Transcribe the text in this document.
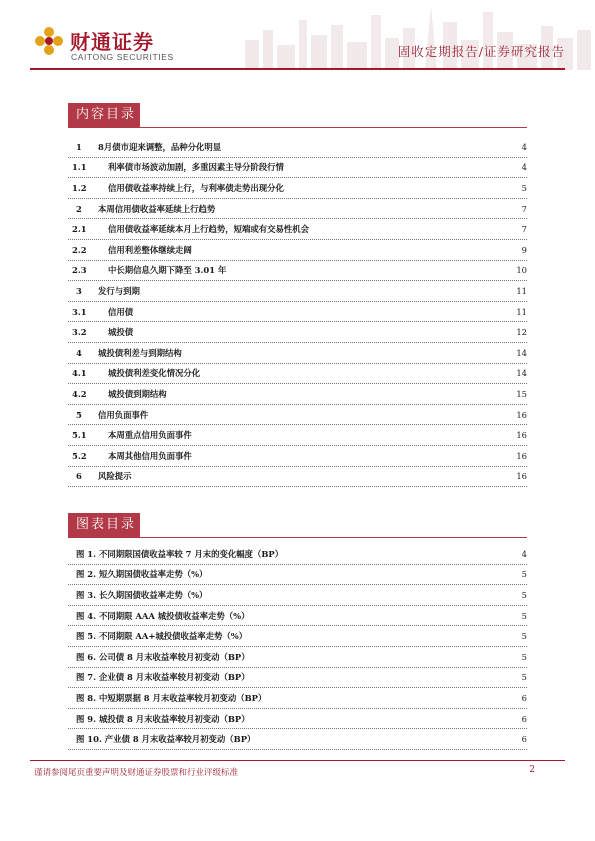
财通证券
CAITONG SECURITIES	固收定期报告/证券研究报告
内容目录
1	8月债市迎来调整，品种分化明显	4
1.1	利率债市场波动加剧，多重因素主导分阶段行情	4
1.2	信用债收益率持续上行，与利率债走势出现分化	5
2	本周信用债收益率延续上行趋势	7
2.1	信用债收益率延续本月上行趋势，短端或有交易性机会	7
2.2	信用利差整体继续走阔	9
2.3	中长期信息久期下降至 3.01 年	10
3	发行与到期	11
3.1	信用债	11
3.2	城投债	12
4	城投债利差与到期结构	14
4.1	城投债利差变化情况分化	14
4.2	城投债到期结构	15
5	信用负面事件	16
5.1	本周重点信用负面事件	16
5.2	本周其他信用负面事件	16
6	风险提示	16
图表目录
图 1. 不同期限国债收益率较 7 月末的变化幅度（BP）	4
图 2. 短久期国债收益率走势（%）	5
图 3. 长久期国债收益率走势（%）	5
图 4. 不同期限 AAA 城投债收益率走势（%）	5
图 5. 不同期限 AA+城投债收益率走势（%）	5
图 6. 公司债 8 月末收益率较月初变动（BP）	5
图 7. 企业债 8 月末收益率较月初变动（BP）	5
图 8. 中短期票据 8 月末收益率较月初变动（BP）	6
图 9. 城投债 8 月末收益率较月初变动（BP）	6
图 10. 产业债 8 月末收益率较月初变动（BP）	6
谨请参阅尾页重要声明及财通证券股票和行业评级标准	2
